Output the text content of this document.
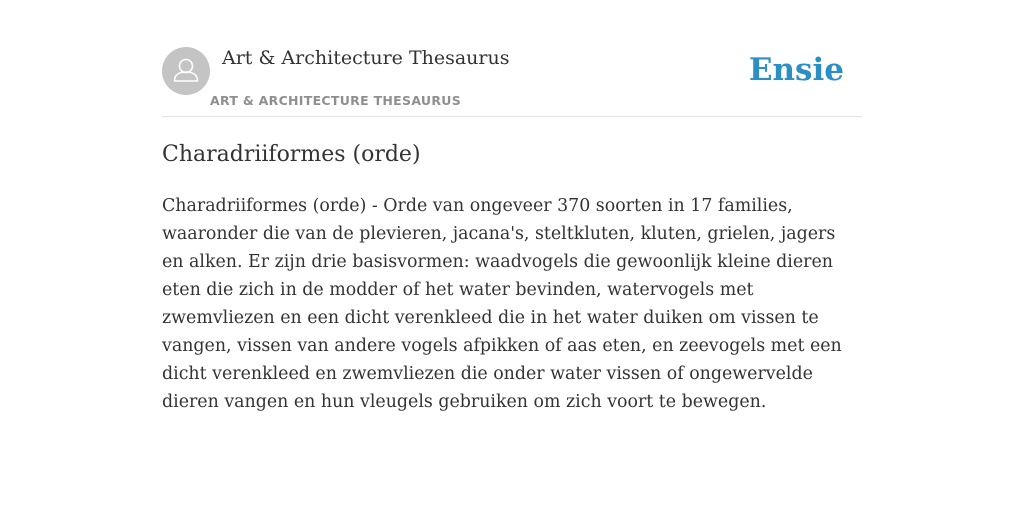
Art & Architecture Thesaurus
ART & ARCHITECTURE THESAURUS
Ensie
Charadriiformes (orde)

Charadriiformes (orde) - Orde van ongeveer 370 soorten in 17 families, waaronder die van de plevieren, jacana's, steltkluten, kluten, grielen, jagers en alken. Er zijn drie basisvormen: waadvogels die gewoonlijk kleine dieren eten die zich in de modder of het water bevinden, watervogels met zwemvliezen en een dicht verenkleed die in het water duiken om vissen te vangen, vissen van andere vogels afpikken of aas eten, en zeevogels met een dicht verenkleed en zwemvliezen die onder water vissen of ongewervelde dieren vangen en hun vleugels gebruiken om zich voort te bewegen.
